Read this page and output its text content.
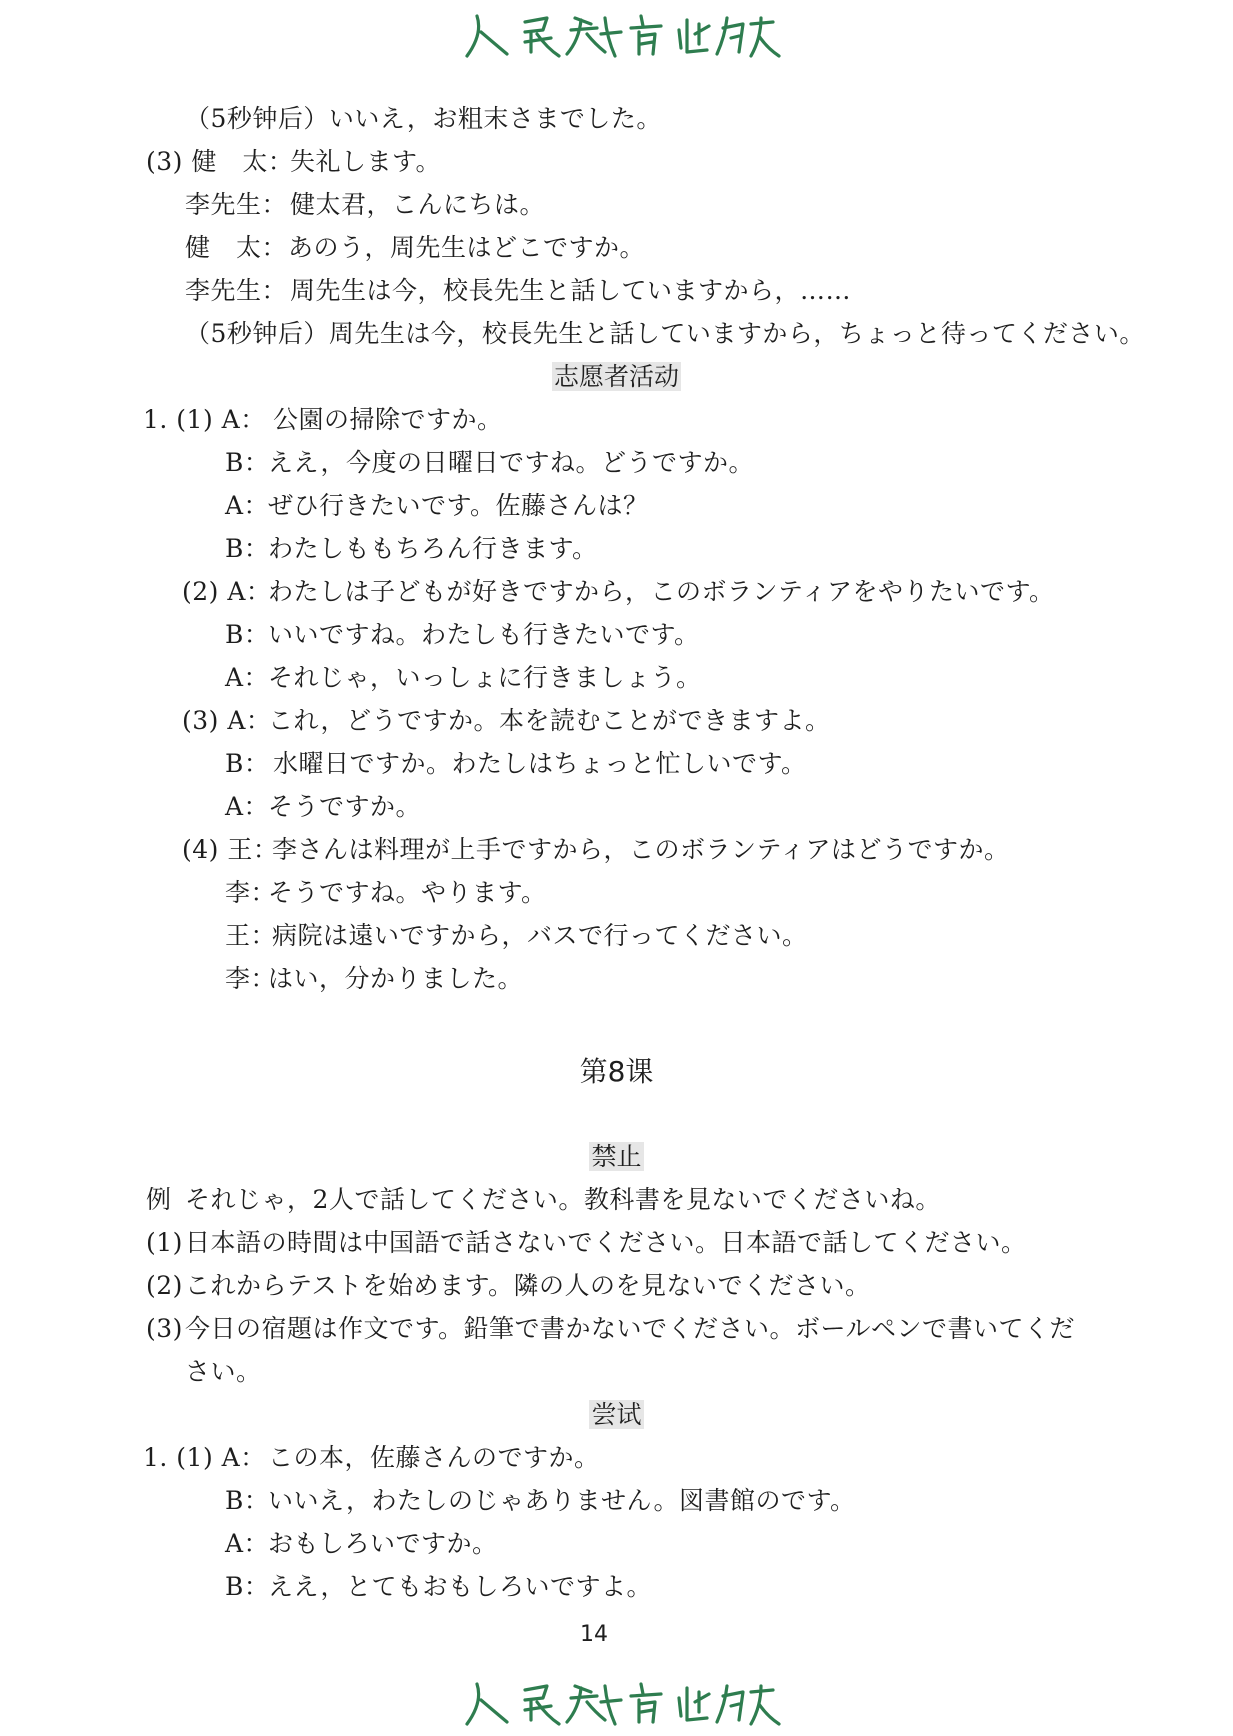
（5秒钟后）いいえ，お粗末さまでした。
(3) 健　太：
失礼します。
李先生： 健太君，こんにちは。
健　太： あのう，周先生はどこですか。
李先生： 周先生は今，校長先生と話していますから，……
（5秒钟后）周先生は今，校長先生と話していますから，ちょっと待ってください。
志愿者活动
1. (1) A： 公園の掃除ですか。
B：
ええ，今度の日曜日ですね。どうですか。
A：
ぜひ行きたいです。佐藤さんは？
B：
わたしももちろん行きます。
(2) A：
わたしは子どもが好きですから，このボランティアをやりたいです。
B：
いいですね。わたしも行きたいです。
A：
それじゃ，いっしょに行きましょう。
(3) A：
これ，どうですか。本を読むことができますよ。
B： 水曜日ですか。わたしはちょっと忙しいです。
A：
そうですか。
(4) 王：
李さんは料理が上手ですから，このボランティアはどうですか。
李：
そうですね。やります。
王：
病院は遠いですから，バスで行ってください。
李：
はい，分かりました。
第8课
禁止
例 それじゃ，2人で話してください。教科書を見ないでくださいね。
(1) 日本語の時間は中国語で話さないでください。日本語で話してください。
(2) これからテストを始めます。隣の人のを見ないでください。
(3) 今日の宿題は作文です。鉛筆で書かないでください。ボールペンで書いてくだ
さい。
尝试
1. (1) A： この本，佐藤さんのですか。
B：
いいえ，わたしのじゃありません。図書館のです。
A：
おもしろいですか。
B：
ええ，とてもおもしろいですよ。
14
